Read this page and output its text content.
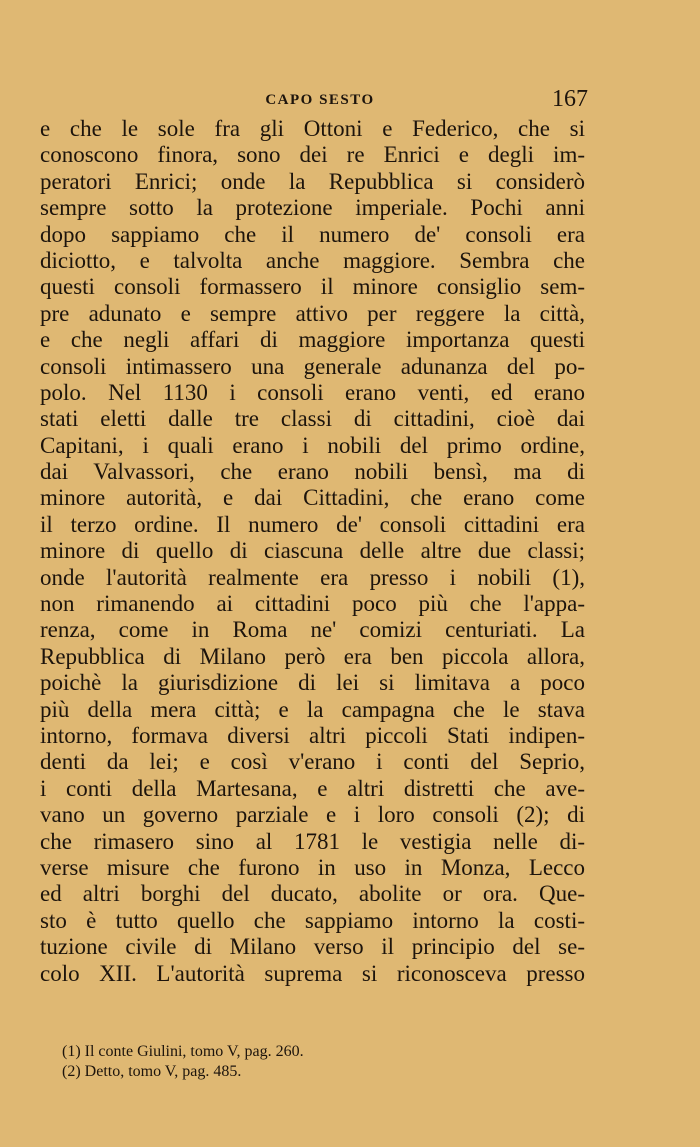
CAPO SESTO	167
e che le sole fra gli Ottoni e Federico, che si
conoscono finora, sono dei re Enrici e degli im-
peratori Enrici; onde la Repubblica si considerò
sempre sotto la protezione imperiale. Pochi anni
dopo sappiamo che il numero de' consoli era
diciotto, e talvolta anche maggiore. Sembra che
questi consoli formassero il minore consiglio sem-
pre adunato e sempre attivo per reggere la città,
e che negli affari di maggiore importanza questi
consoli intimassero una generale adunanza del po-
polo. Nel 1130 i consoli erano venti, ed erano
stati eletti dalle tre classi di cittadini, cioè dai
Capitani, i quali erano i nobili del primo ordine,
dai Valvassori, che erano nobili bensì, ma di
minore autorità, e dai Cittadini, che erano come
il terzo ordine. Il numero de' consoli cittadini era
minore di quello di ciascuna delle altre due classi;
onde l'autorità realmente era presso i nobili (1),
non rimanendo ai cittadini poco più che l'appa-
renza, come in Roma ne' comizi centuriati. La
Repubblica di Milano però era ben piccola allora,
poichè la giurisdizione di lei si limitava a poco
più della mera città; e la campagna che le stava
intorno, formava diversi altri piccoli Stati indipen-
denti da lei; e così v'erano i conti del Seprio,
i conti della Martesana, e altri distretti che ave-
vano un governo parziale e i loro consoli (2); di
che rimasero sino al 1781 le vestigia nelle di-
verse misure che furono in uso in Monza, Lecco
ed altri borghi del ducato, abolite or ora. Que-
sto è tutto quello che sappiamo intorno la costi-
tuzione civile di Milano verso il principio del se-
colo XII. L'autorità suprema si riconosceva presso
(1) Il conte Giulini, tomo V, pag. 260.
(2) Detto, tomo V, pag. 485.
